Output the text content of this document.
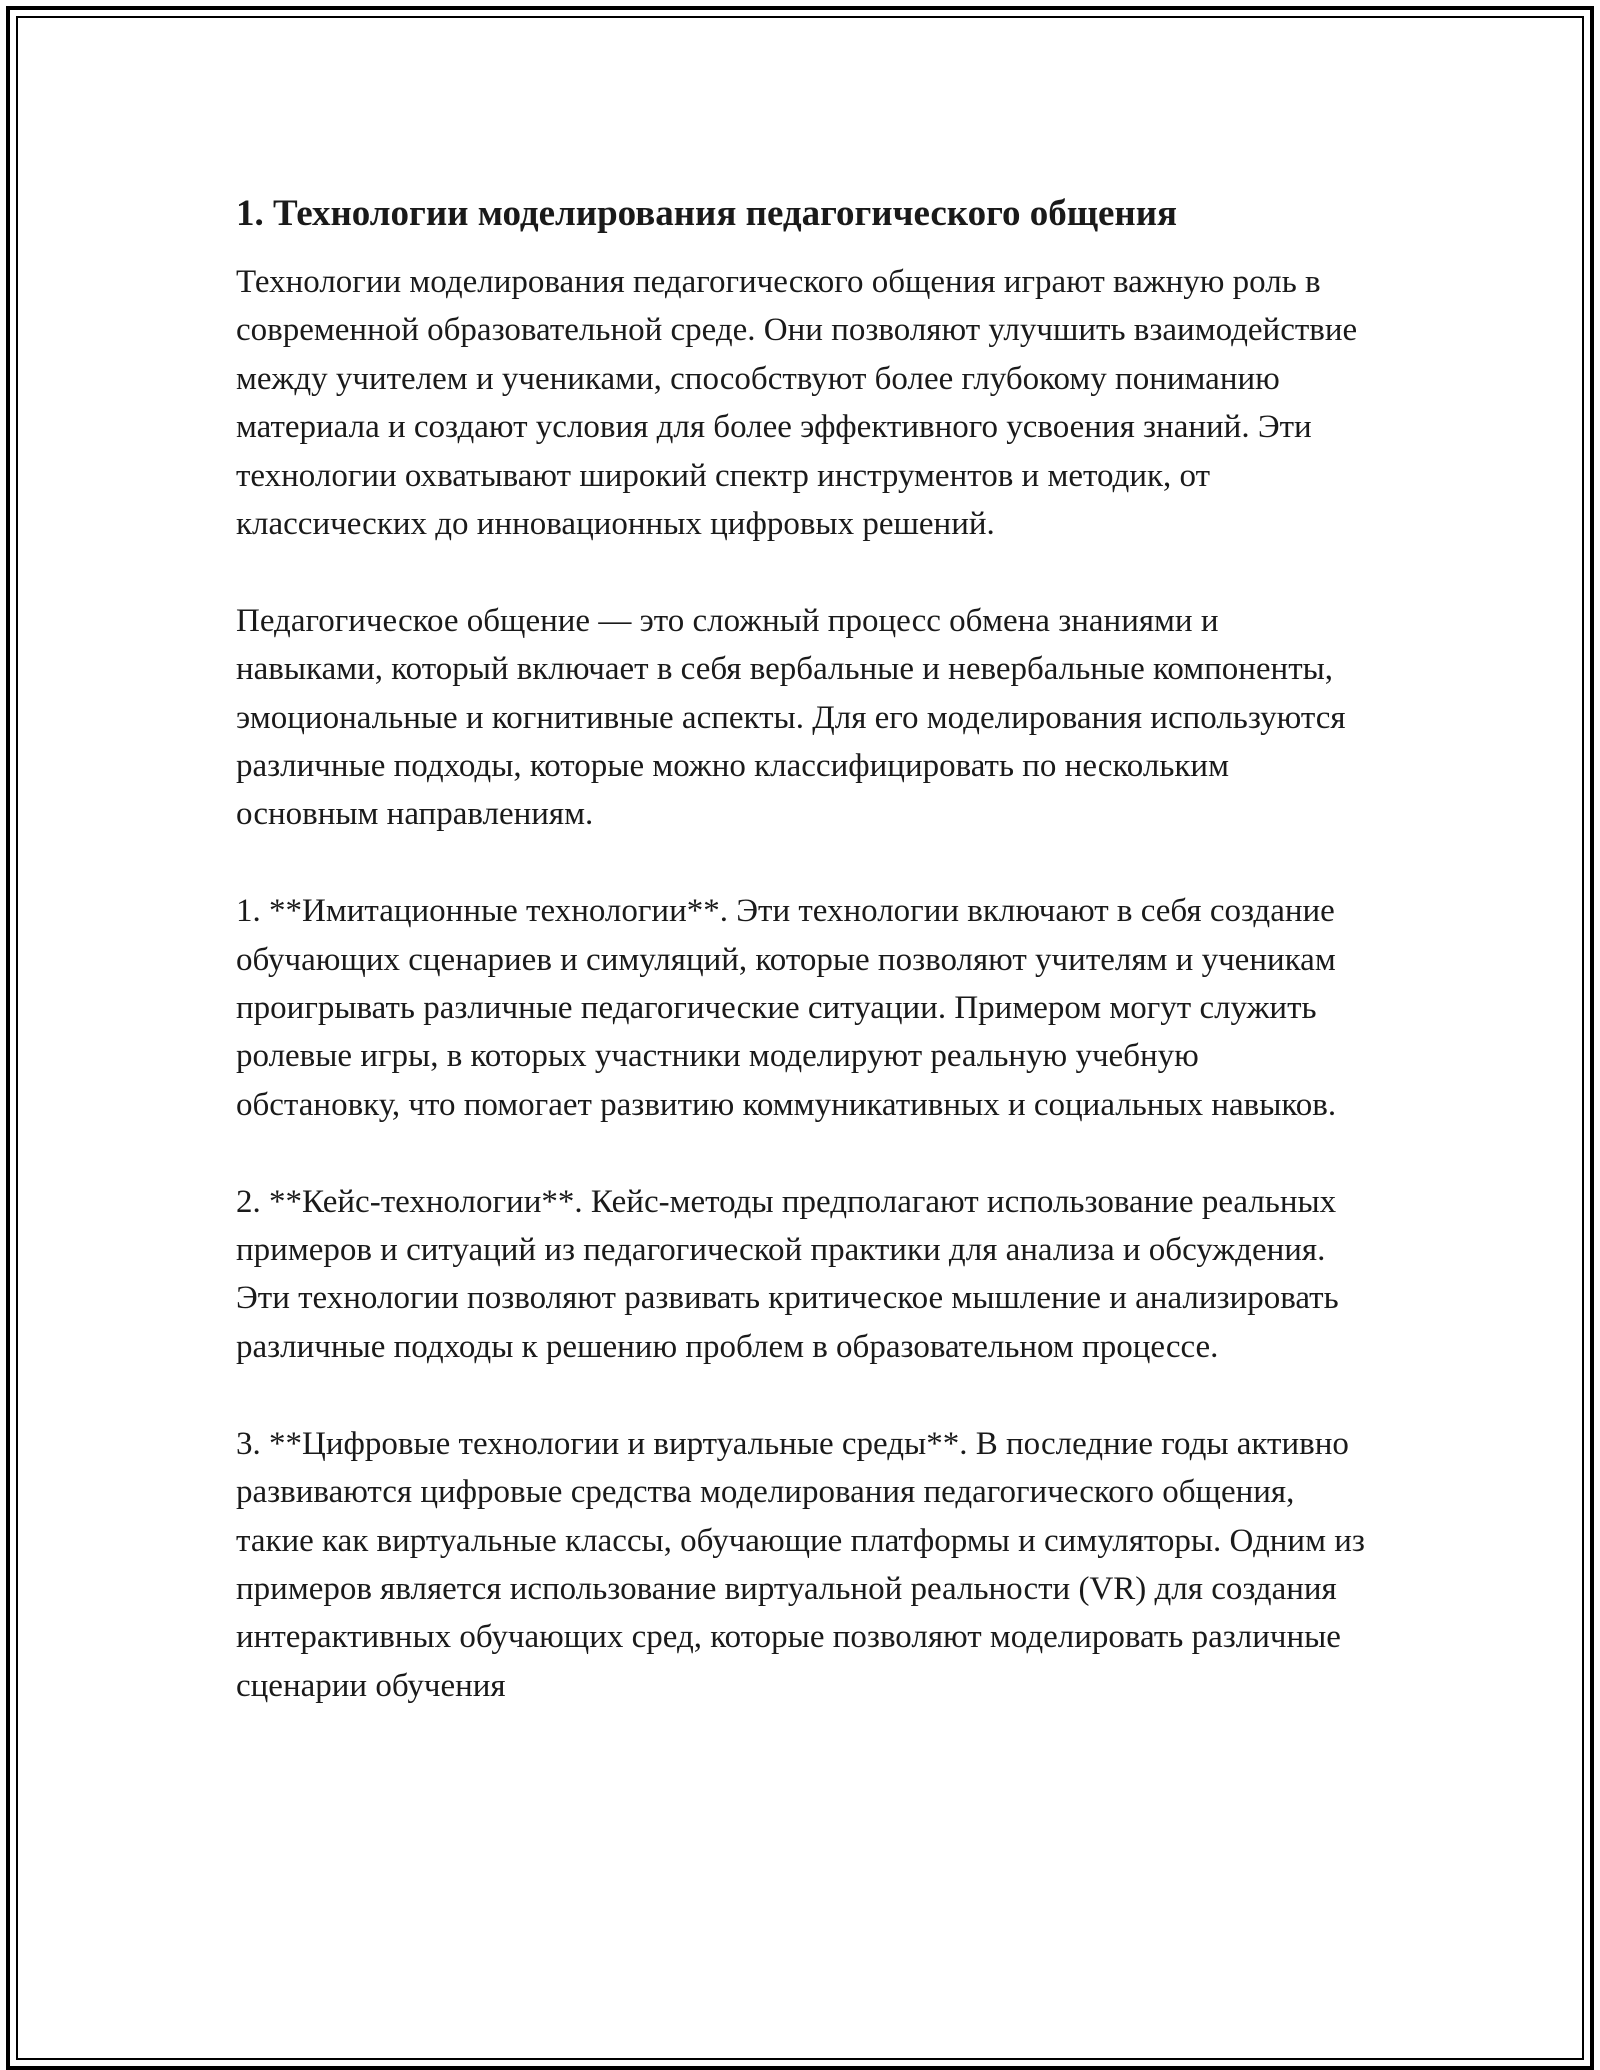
1. Технологии моделирования педагогического общения

Технологии моделирования педагогического общения играют важную роль в современной образовательной среде. Они позволяют улучшить взаимодействие между учителем и учениками, способствуют более глубокому пониманию материала и создают условия для более эффективного усвоения знаний. Эти технологии охватывают широкий спектр инструментов и методик, от классических до инновационных цифровых решений.

Педагогическое общение — это сложный процесс обмена знаниями и навыками, который включает в себя вербальные и невербальные компоненты, эмоциональные и когнитивные аспекты. Для его моделирования используются различные подходы, которые можно классифицировать по нескольким основным направлениям.

1. **Имитационные технологии**. Эти технологии включают в себя создание обучающих сценариев и симуляций, которые позволяют учителям и ученикам проигрывать различные педагогические ситуации. Примером могут служить ролевые игры, в которых участники моделируют реальную учебную обстановку, что помогает развитию коммуникативных и социальных навыков.

2. **Кейс-технологии**. Кейс-методы предполагают использование реальных примеров и ситуаций из педагогической практики для анализа и обсуждения. Эти технологии позволяют развивать критическое мышление и анализировать различные подходы к решению проблем в образовательном процессе.

3. **Цифровые технологии и виртуальные среды**. В последние годы активно развиваются цифровые средства моделирования педагогического общения, такие как виртуальные классы, обучающие платформы и симуляторы. Одним из примеров является использование виртуальной реальности (VR) для создания интерактивных обучающих сред, которые позволяют моделировать различные сценарии обучения
